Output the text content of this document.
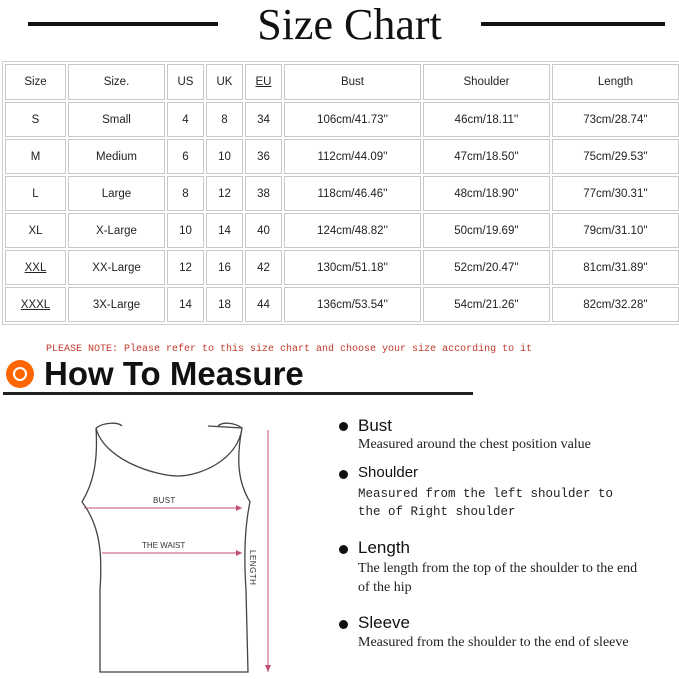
Size Chart
Size	Size.	US	UK	EU	Bust	Shoulder	Length
S	Small	4	8	34	106cm/41.73''	46cm/18.11''	73cm/28.74''
M	Medium	6	10	36	112cm/44.09''	47cm/18.50''	75cm/29.53''
L	Large	8	12	38	118cm/46.46''	48cm/18.90''	77cm/30.31''
XL	X-Large	10	14	40	124cm/48.82''	50cm/19.69''	79cm/31.10''
XXL	XX-Large	12	16	42	130cm/51.18''	52cm/20.47''	81cm/31.89''
XXXL	3X-Large	14	18	44	136cm/53.54''	54cm/21.26''	82cm/32.28''
PLEASE NOTE: Please refer to this size chart and choose your size according to it
How To Measure
BUST
THE WAIST
LENGTH
Bust
Measured around the chest position value
Shoulder
Measured from the left shoulder to the of Right shoulder
Length
The length from the top of the shoulder to the end of the hip
Sleeve
Measured from the shoulder to the end of sleeve
